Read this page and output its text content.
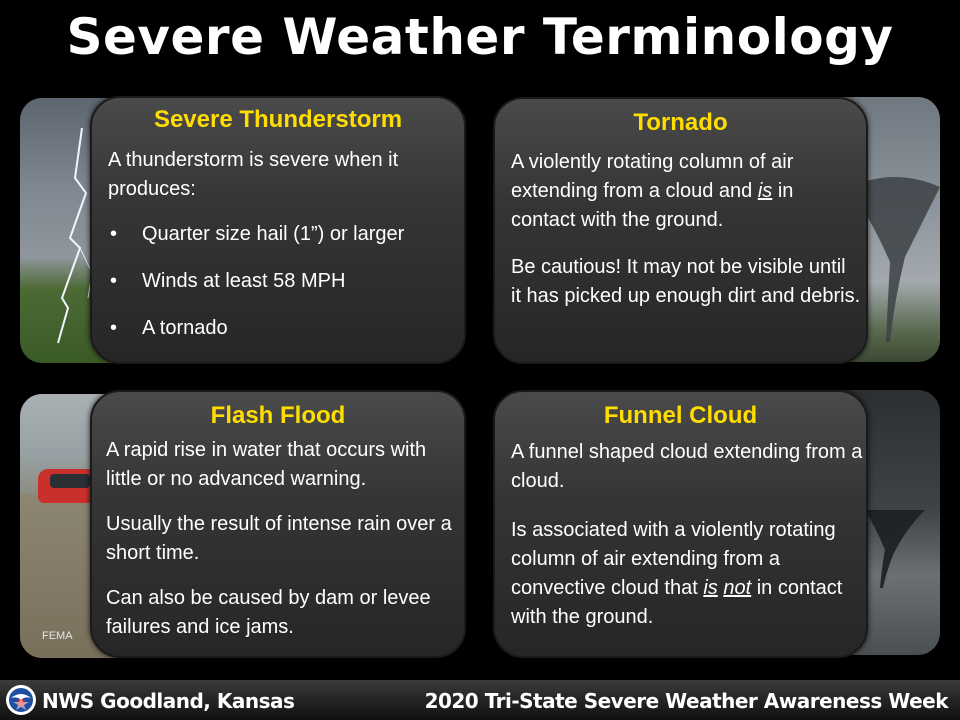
Severe Weather Terminology
FEMA
Severe Thunderstorm
A thunderstorm is severe when it produces:
• Quarter size hail (1”) or larger
• Winds at least 58 MPH
• A tornado
Tornado
A violently rotating column of air extending from a cloud and is in contact with the ground.
Be cautious! It may not be visible until it has picked up enough dirt and debris.
Flash Flood
A rapid rise in water that occurs with little or no advanced warning.
Usually the result of intense rain over a short time.
Can also be caused by dam or levee failures and ice jams.
Funnel Cloud
A funnel shaped cloud extending from a cloud.
Is associated with a violently rotating column of air extending from a convective cloud that is not in contact with the ground.
NWS Goodland, Kansas	2020 Tri-State Severe Weather Awareness Week
